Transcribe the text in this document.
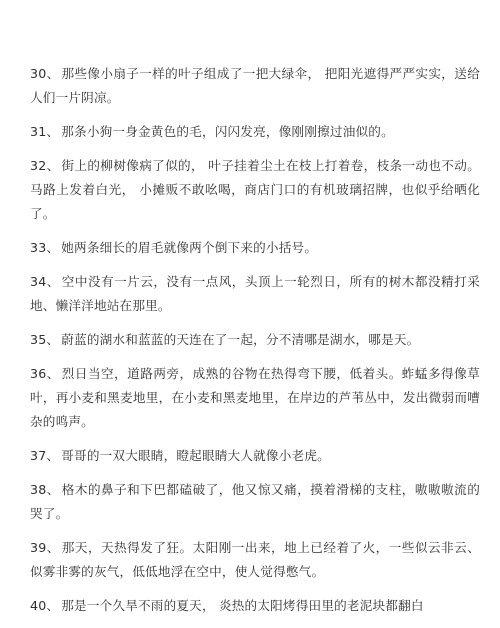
30、 那些像小扇子一样的叶子组成了一把大绿伞， 把阳光遮得严严实实，送给人们一片阴凉。
31、 那条小狗一身金黄色的毛，闪闪发亮，像刚刚擦过油似的。
32、 街上的柳树像病了似的， 叶子挂着尘土在枝上打着卷，枝条一动也不动。马路上发着白光， 小摊贩不敢吆喝，商店门口的有机玻璃招牌，也似乎给晒化了。
33、 她两条细长的眉毛就像两个倒下来的小括号。
34、 空中没有一片云，没有一点风，头顶上一轮烈日，所有的树木都没精打采地、懒洋洋地站在那里。
35、 蔚蓝的湖水和蓝蓝的天连在了一起，分不清哪是湖水，哪是天。
36、 烈日当空，道路两旁，成熟的谷物在热得弯下腰，低着头。蚱蜢多得像草叶，再小麦和黑麦地里，在小麦和黑麦地里，在岸边的芦苇丛中，发出微弱而嘈杂的鸣声。
37、 哥哥的一双大眼睛，瞪起眼睛大人就像小老虎。
38、 格木的鼻子和下巴都磕破了，他又惊又痛，摸着滑梯的支柱，嗷嗷嗷流的哭了。
39、 那天，天热得发了狂。太阳刚一出来，地上已经着了火，一些似云非云、似雾非雾的灰气，低低地浮在空中，使人觉得憋气。
40、 那是一个久旱不雨的夏天， 炎热的太阳烤得田里的老泥块都翻白
